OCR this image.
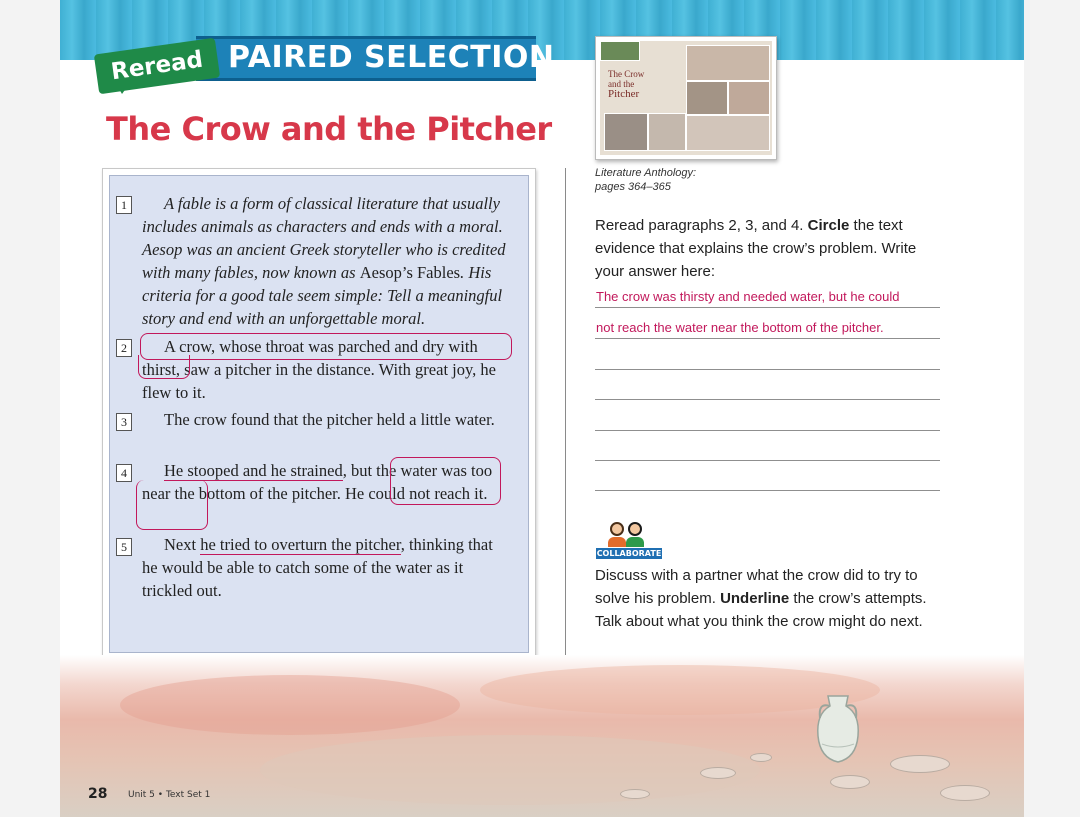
PAIRED SELECTION
Reread
The Crow and the Pitcher
1	A fable is a form of classical literature that usually includes animals as characters and ends with a moral. Aesop was an ancient Greek storyteller who is credited with many fables, now known as Aesop’s Fables. His criteria for a good tale seem simple: Tell a meaningful story and end with an unforgettable moral.
2	A crow, whose throat was parched and dry with thirst, saw a pitcher in the distance. With great joy, he flew to it.
3	The crow found that the pitcher held a little water.
4	He stooped and he strained, but the water was too near the bottom of the pitcher. He could not reach it.
5	Next he tried to overturn the pitcher, thinking that he would be able to catch some of the water as it trickled out.
The Crow
and the
Pitcher
Literature Anthology:
pages 364–365
Reread paragraphs 2, 3, and 4. Circle the text evidence that explains the crow’s problem. Write your answer here:
The crow was thirsty and needed water, but he could
not reach the water near the bottom of the pitcher.
COLLABORATE
Discuss with a partner what the crow did to try to solve his problem. Underline the crow’s attempts. Talk about what you think the crow might do next.
28 Unit 5 • Text Set 1
